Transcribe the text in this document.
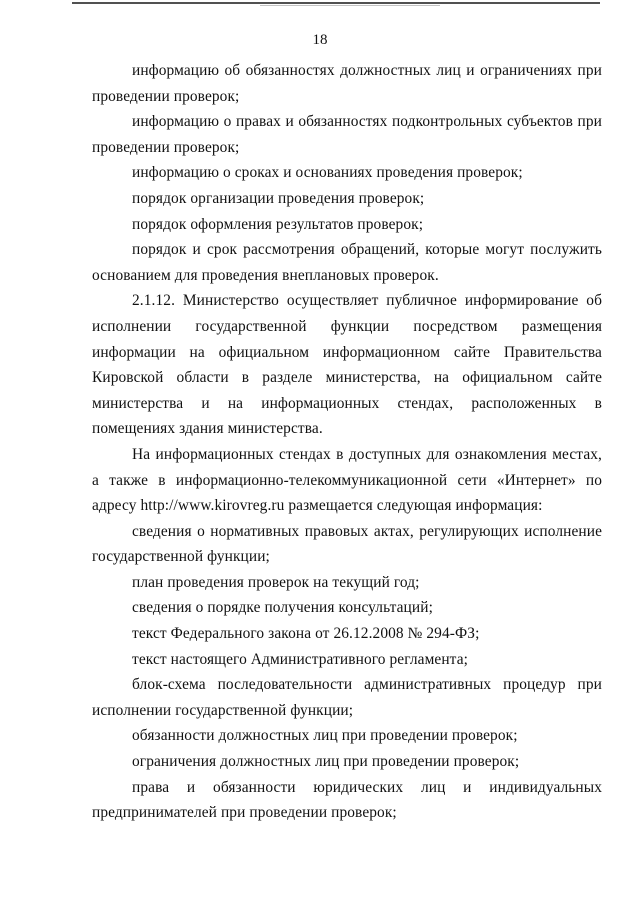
18

информацию об обязанностях должностных лиц и ограничениях при проведении проверок;

информацию о правах и обязанностях подконтрольных субъектов при проведении проверок;

информацию о сроках и основаниях проведения проверок;

порядок организации проведения проверок;

порядок оформления результатов проверок;

порядок и срок рассмотрения обращений, которые могут послужить основанием для проведения внеплановых проверок.

2.1.12. Министерство осуществляет публичное информирование об исполнении государственной функции посредством размещения информации на официальном информационном сайте Правительства Кировской области в разделе министерства, на официальном сайте министерства и на информационных стендах, расположенных в помещениях здания министерства.

На информационных стендах в доступных для ознакомления местах, а также в информационно-телекоммуникационной сети «Интернет» по адресу http://www.kirovreg.ru размещается следующая информация:

сведения о нормативных правовых актах, регулирующих исполнение государственной функции;

план проведения проверок на текущий год;

сведения о порядке получения консультаций;

текст Федерального закона от 26.12.2008 № 294-ФЗ;

текст настоящего Административного регламента;

блок-схема последовательности административных процедур при исполнении государственной функции;

обязанности должностных лиц при проведении проверок;

ограничения должностных лиц при проведении проверок;

права и обязанности юридических лиц и индивидуальных предпринимателей при проведении проверок;
